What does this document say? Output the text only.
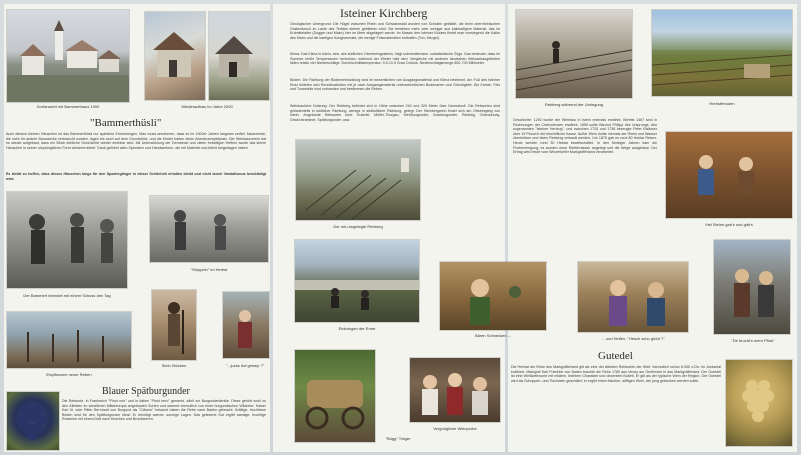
Dorfansicht mit Bammerthaus 1900	Wiederaufbau im Jahre 2000
"Bammerthüsli"
Auch diesem kleinen Häuschen ist das Bammerthüsli nur spärliche Erinnerungen. Man muss annehmen, dass es im 1900er Jahren langsam zerfiel. Mauerreste, die nicht für andere Bauzwecke verbraucht wurden, lagen bis noch auf dem Grundstück, und die Kinder hatten einen Abenteuerspielplatz. Der Weinbauverein hat es wieder aufgebaut, dass ein Stück dörfliche Geschichte wieder erlebbar wird. Mit Unterstützung der Gemeinde und vielen freiwilligen Helfern wurde das kleine Häuschen in seiner ursprünglichen Form wiedererrichtet. Dank gebührt allen Spendern und Handwerkern, die mit Material und Arbeit beigetragen haben.
Es bleibt zu hoffen, dass dieses Häuschen lange für den Spaziergänger in dieser Schönheit erhalten bleibt und nicht durch Vandalismus beschädigt wird.
Der Bammert beendet mit einem Schuss den Tag
"Stoppeln" im Herbst
Einpflanzen neuer Reben
Stein Stücken	"...jucks dof gewep ?"
Blauer Spätburgunder
Die Rebsorte, in Frankreich "Pinot noir" und in Italien "Pinot nero" genannt, zählt zur Burgunderfamilie. Diese gehört wohl zu den Ältesten im westlichen Mitteleuropa angebauten Sorten und stammt vermutlich von einer burgundischen Wildrebe. Kaiser Karl III. oder Ritter Bernhard von Burgund als "Clävner" bekannt haben die Rebe nach Baden gebracht. Kräftige, fruchtbare Böden sind für den Spätburgunder ideal. Er benötigt warme, sonnige Lagen. Das gelesene Gut ergibt samtige, fruchtige Rotweine mit einem Duft nach Kirschen und Brombeeren.
Isteiner Kirchberg
Geologischer Untergrund: Die Hügel zwischen Rhein und Schwarzwald wurden von Schollen gebildet, die beim oberrheinischen Grabenbruch im Laufe des Tertiärs stehen geblieben sind. Sie bestehen mehr oder weniger aus kalkhaltigem Material, das im Erdmittelalter (Dogger und Malm) hier im Meer abgelagert wurde. Im Massiv des Isteiner Klotzes findet man vorwiegend die Kalke des Malm und die kantigen Konglomerate, die wenige Felsmaterialien enthalten (Ton, Mergel).
Klima: Das Klima in Istein, bzw. des südlichen Oberrheingrabens, trägt submediterrane, subatlantische Züge. Das bedeutet, dass im Sommer heiße Temperaturen herrschen, während der Winter mild wird. Vergleiche mit anderen deutschen Weinanbaugebieten fallen relativ viel Niederschläge. Durchschnittstemperatur: 9,5-10,5 Grad Celsius. Niederschlagsmenge 800-700 Millimeter.
Böden: Die Richtung der Bodenentwicklung wird im wesentlichen von Ausgangsmaterial und Klima bestimmt. Am Fuß des Isteiner Klotz bildeten sich Rendzinaböden mit je nach Ausgangsmaterial unterschiedlichen Bodenarten und Gründigkeit. Die Kreide, Fels und Tonanteile sind vorhanden und bestimmen die Reben.
Weinbauliche Nutzung: Der Rebberg befindet sich in Höhe zwischen 240 und 320 Meter über Normalnull. Die Rebsorten sind grösstenteils in südlicher Richtung, wenige in südöstlicher Richtung, gelegt. Der Steinbergwein findet sich am Ortseingang von Istein. Angebaute Rebsorten sind: Gutedel, Müller-Thurgau, Weißburgunder, Grauburgunder, Riesling, Chardonnay, Gewürztraminer, Spätburgunder, usw.
Der neu angelegte Rebberg
Einbringen der Ernte
"Bügg" Träger
Vergnügliche Weinprobe
Rebberg während der Umlegung	Herbstfreuden
Geschichte: 1292 wurde der Weinbau in Istein erstmals erwähnt. Bereits 1467 sind in Rechnungen der Cisterziensen erwähnt. 1555 sollte Bischof Philipp des Ursprungs, den sogenannten "Isteiner Hertzog", und zwischen 1725 und 1738 bezeugte Peter Elsässer über 19 Pfund in die bischöfliche Kasse. Außer Wein durfte niemals der Rhein und Wasser übertreiben und Istein Rebberg verkauft werden. Um 1875 gab es rund 80 Hektar Reben. Heute werden rund 30 Hektar bewirtschaftet. In den fünfziger Jahren kam die Flurbereinigung; es wurden neue Rebterrassen angelegt und die Wege ausgebaut. Der Ertrag wird heute vom Winzerkeller Markgräflerland verarbeitet.
Viel Steine gab's und gibt's
Bären Schnecken ...
... und Helfen, "Hesch scho gfoht ?"	"Dir brucht's mehr Pfioh"
Gutedel
Die Heimat der Rebe des Markgräflerland gilt als eine der ältesten Rebsorten der Welt. Vermutlich schon 6.000 v.Chr. im Jordantal kultiviert. Markgraf Karl Friedrich von Baden brachte die Rebe 1780 aus Vevey am Genfersee in das Markgräflerland. Der Gutedel ist eine Weißweinsorte mit mildem, leichtem Charakter und dezentem Bukett. Er gilt als der typische Wein der Region. Der Gutedel wird als Schoppen- und Tischwein geschätzt; er ergibt einen frischen, süffigen Wein, der jung getrunken werden sollte.
